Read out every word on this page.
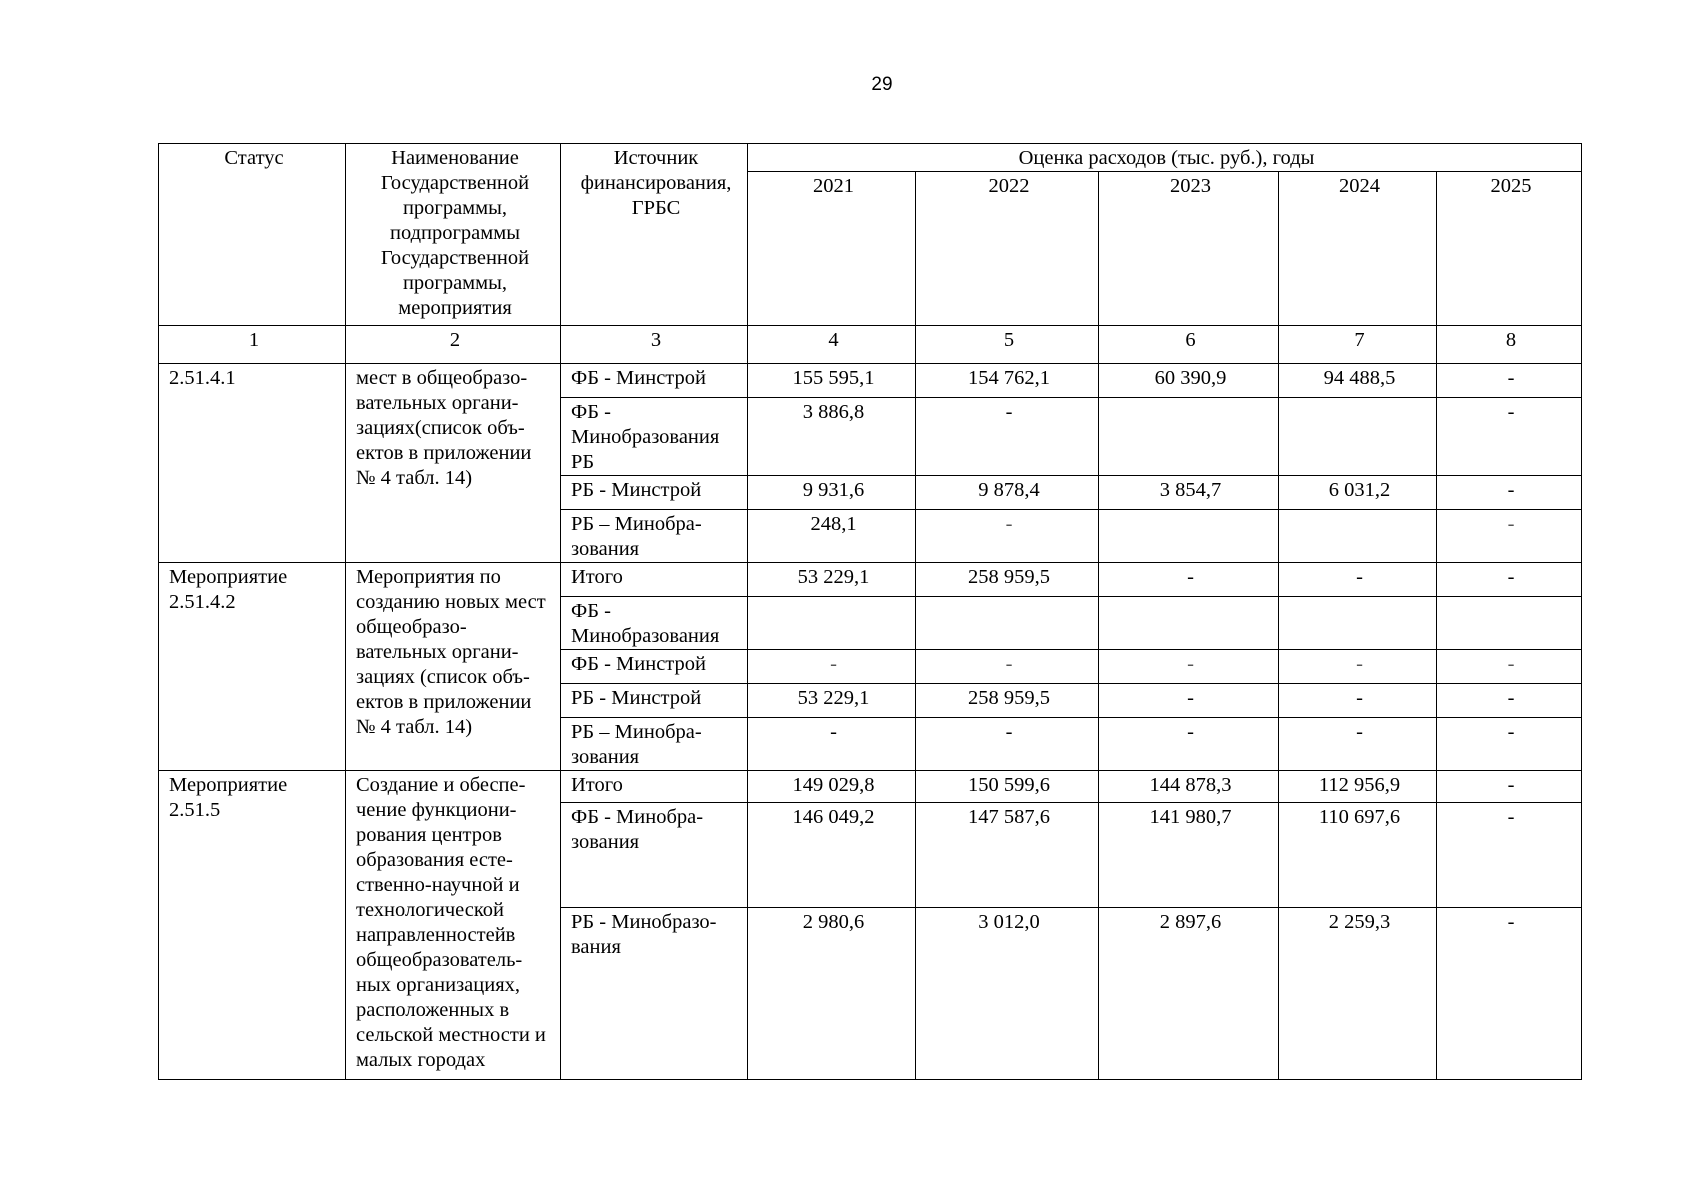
29
Статус	Наименование Государственной программы, подпрограммы Государственной программы, мероприятия	Источник финансирования, ГРБС	Оценка расходов (тыс. руб.), годы				
			2021	2022	2023	2024	2025
1	2	3	4	5	6	7	8
2.51.4.1	мест в общеобразо-вательных органи-зациях(список объ-ектов в приложении № 4 табл. 14)	ФБ - Минстрой	155 595,1	154 762,1	60 390,9	94 488,5	-
		ФБ - Минобразования РБ	3 886,8	-			-
		РБ - Минстрой	9 931,6	9 878,4	3 854,7	6 031,2	-
		РБ – Минобра-зования	248,1	-			-
Мероприятие 2.51.4.2	Мероприятия по созданию новых мест общеобразо-вательных органи-зациях (список объ-ектов в приложении № 4 табл. 14)	Итого	53 229,1	258 959,5	-	-	-
		ФБ - Минобразования					
		ФБ - Минстрой	-	-	-	-	-
		РБ - Минстрой	53 229,1	258 959,5	-	-	-
		РБ – Минобра-зования	-	-	-	-	-
Мероприятие 2.51.5	Создание и обеспе-чение функциони-рования центров образования есте-ственно-научной и технологической направленностейв общеобразователь-ных организациях, расположенных в сельской местности и малых городах	Итого	149 029,8	150 599,6	144 878,3	112 956,9	-
		ФБ - Минобра-зования	146 049,2	147 587,6	141 980,7	110 697,6	-
		РБ - Минобразо-вания	2 980,6	3 012,0	2 897,6	2 259,3	-
